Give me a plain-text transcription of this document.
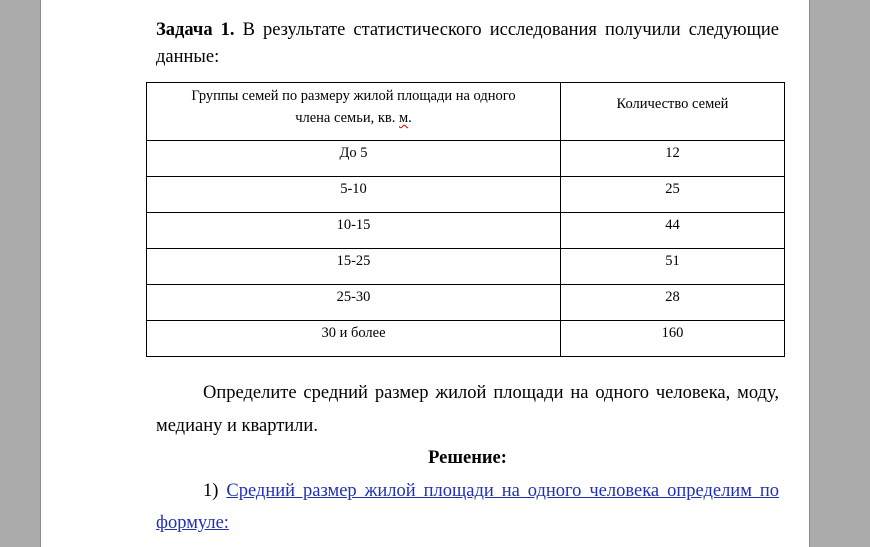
Задача 1. В результате статистического исследования получили следующие
данные:
Группы семей по размеру жилой площади на одного
члена семьи, кв. м.	Количество семей
До 5	12
5-10	25
10-15	44
15-25	51
25-30	28
30 и более	160
Определите средний размер жилой площади на одного человека, моду,
медиану и квартили.
Решение:
1) Средний размер жилой площади на одного человека определим по
формуле:
